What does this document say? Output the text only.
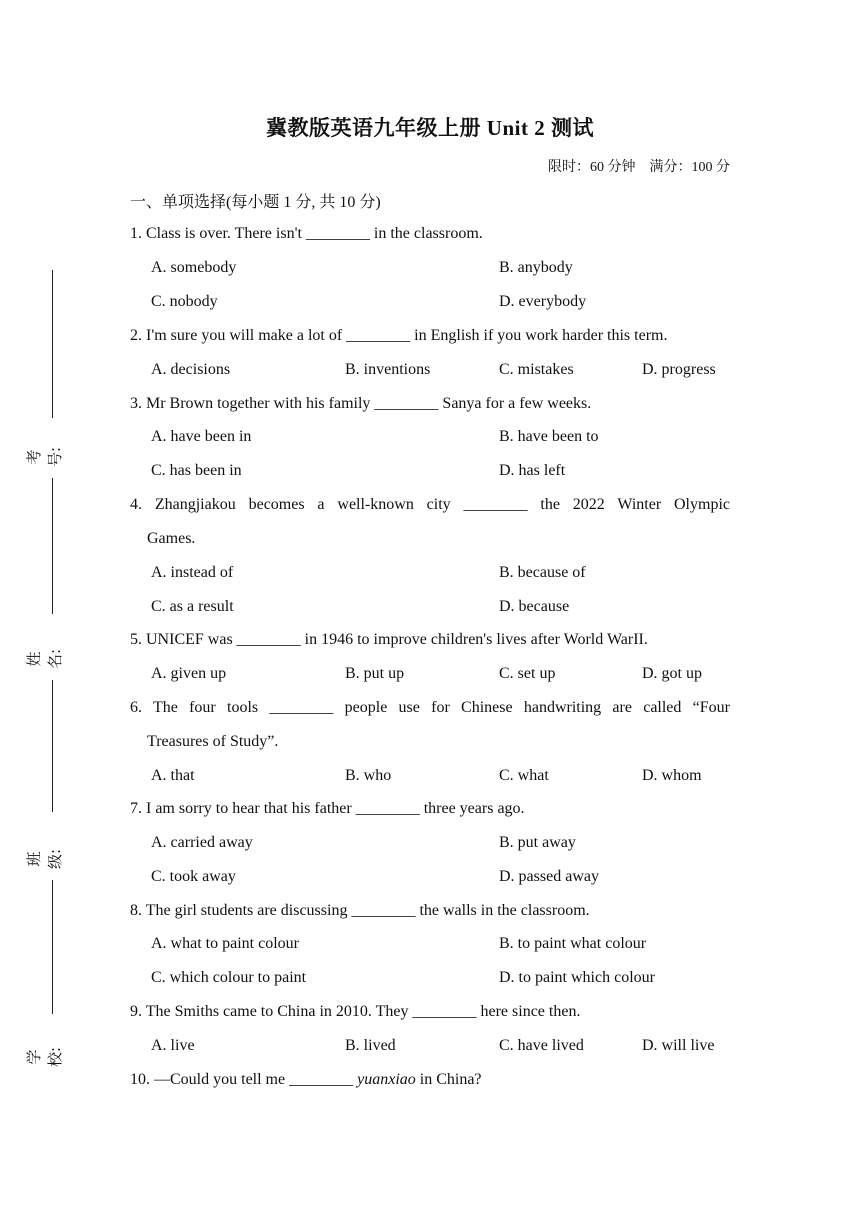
考号:
姓名:
班级:
学校:
冀教版英语九年级上册 Unit 2 测试
限时：60 分钟    满分：100 分
一、单项选择(每小题 1 分, 共 10 分)
1. Class is over. There isn't ________ in the classroom.
A. somebody	B. anybody
C. nobody	D. everybody
2. I'm sure you will make a lot of ________ in English if you work harder this term.
A. decisions	B. inventions	C. mistakes	D. progress
3. Mr Brown together with his family ________ Sanya for a few weeks.
A. have been in	B. have been to
C. has been in	D. has left
4. Zhangjiakou becomes a well-known city ________ the 2022 Winter Olympic
Games.
A. instead of	B. because of
C. as a result	D. because
5. UNICEF was ________ in 1946 to improve children's lives after World WarII.
A. given up	B. put up	C. set up	D. got up
6. The four tools ________ people use for Chinese handwriting are called “Four
Treasures of Study”.
A. that	B. who	C. what	D. whom
7. I am sorry to hear that his father ________ three years ago.
A. carried away	B. put away
C. took away	D. passed away
8. The girl students are discussing ________ the walls in the classroom.
A. what to paint colour	B. to paint what colour
C. which colour to paint	D. to paint which colour
9. The Smiths came to China in 2010. They ________ here since then.
A. live	B. lived	C. have lived	D. will live
10. —Could you tell me ________ yuanxiao in China?
